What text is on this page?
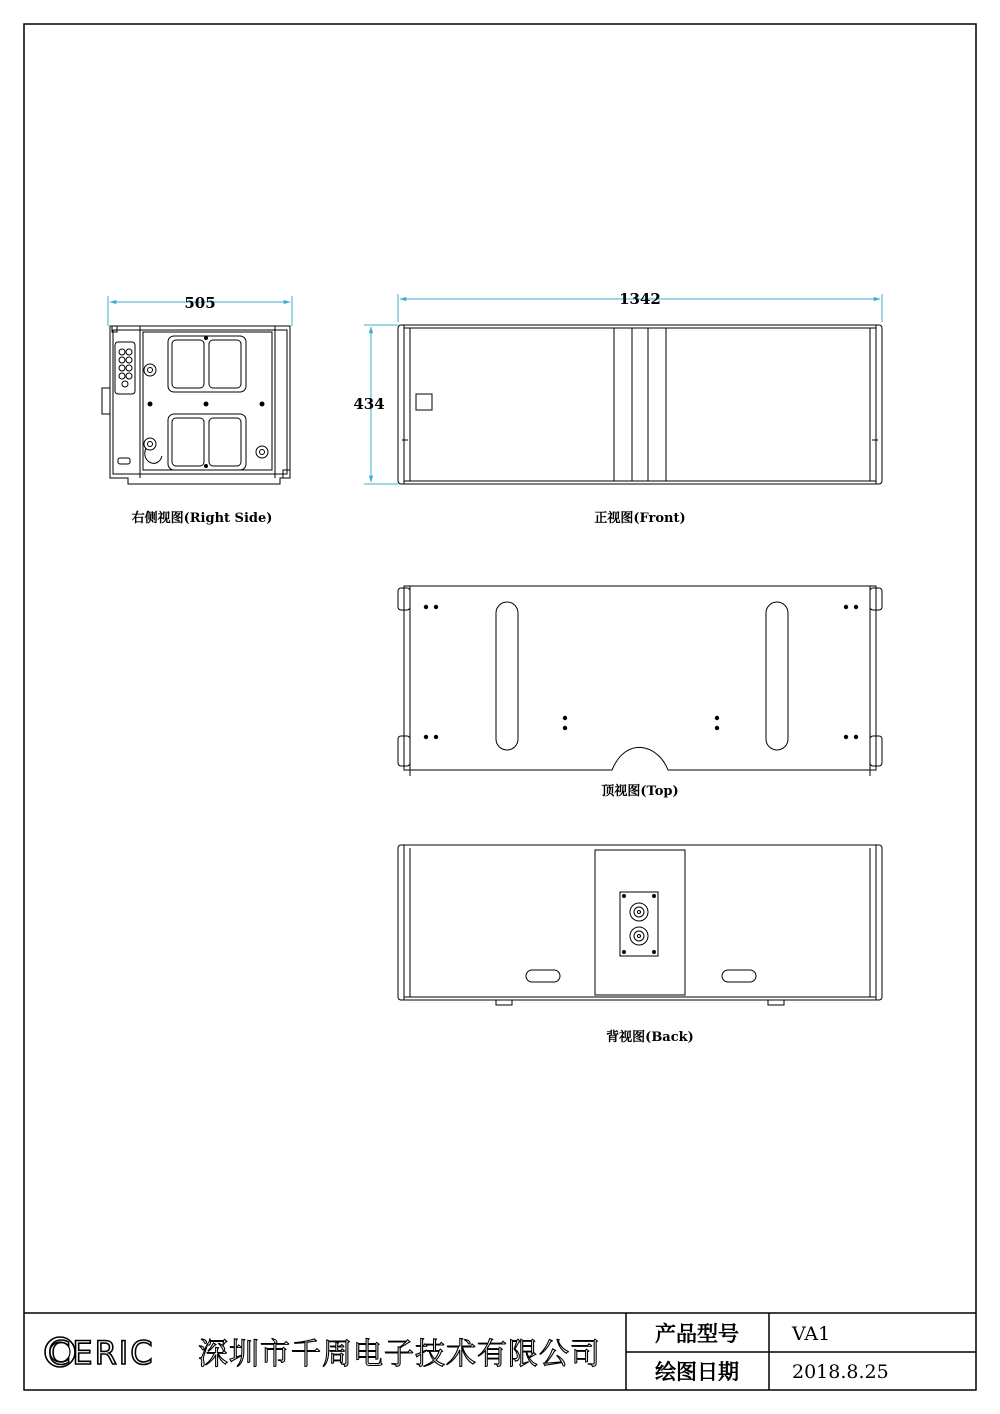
右侧视图(Right Side)
505
正视图(Front)
1342
434
顶视图(Top)
背视图(Back)
CERIC 深圳市千周电子技术有限公司
产品型号	VA1
绘图日期	2018.8.25
